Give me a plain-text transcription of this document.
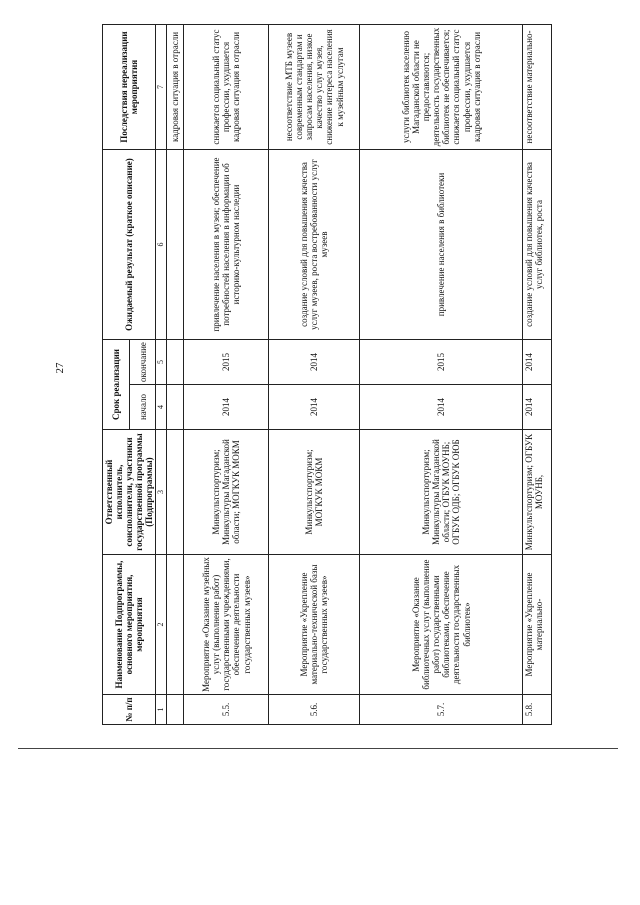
27
№ п/п	Наименование Подпрограммы, основного мероприятия, мероприятия	Ответственный исполнитель, соисполнители, участники государственной программы (Подпрограммы)	Срок реализации		Ожидаемый результат (краткое описание)	Последствия нереализации мероприятия
			начало	окончание		
1	2	3	4	5	6	7
						кадровая ситуация в отрасли
5.5.	Мероприятие «Оказание музейных услуг (выполнение работ) государственными учреждениями, обеспечение деятельности государственных музеев»	Минкультспортуризм; Минкультуры Магаданской области; МОГКУК МОКМ	2014	2015	привлечение населения в музеи; обеспечение потребностей населения в информации об историко-культурном наследии	снижается социальный статус профессии, ухудшается кадровая ситуация в отрасли
5.6.	Мероприятие «Укрепление материально-технической базы государственных музеев»	Минкультспортуризм; МОГКУК МОКМ	2014	2014	создание условий для повышения качества услуг музеев, роста востребованности услуг музеев	несоответствие МТБ музеев современным стандартам и запросам населения, низкое качество услуг музея, снижение интереса населения к музейным услугам
5.7.	Мероприятие «Оказание библиотечных услуг (выполнение работ) государственными библиотеками, обеспечение деятельности государственных библиотек»	Минкультспортуризм; Минкультуры Магаданской области; ОГБУК МОУНБ; ОГБУК ОДБ; ОГБУК ОЮБ	2014	2015	привлечение населения в библиотеки	услуги библиотек населению Магаданской области не предоставляются; деятельность государственных библиотек не обеспечивается; снижается социальный статус профессии, ухудшается кадровая ситуация в отрасли
5.8.	Мероприятие «Укрепление материально-	Минкультспортуризм; ОГБУК МОУНБ,	2014	2014	создание условий для повышения качества услуг библиотек, роста	несоответствие материально-
